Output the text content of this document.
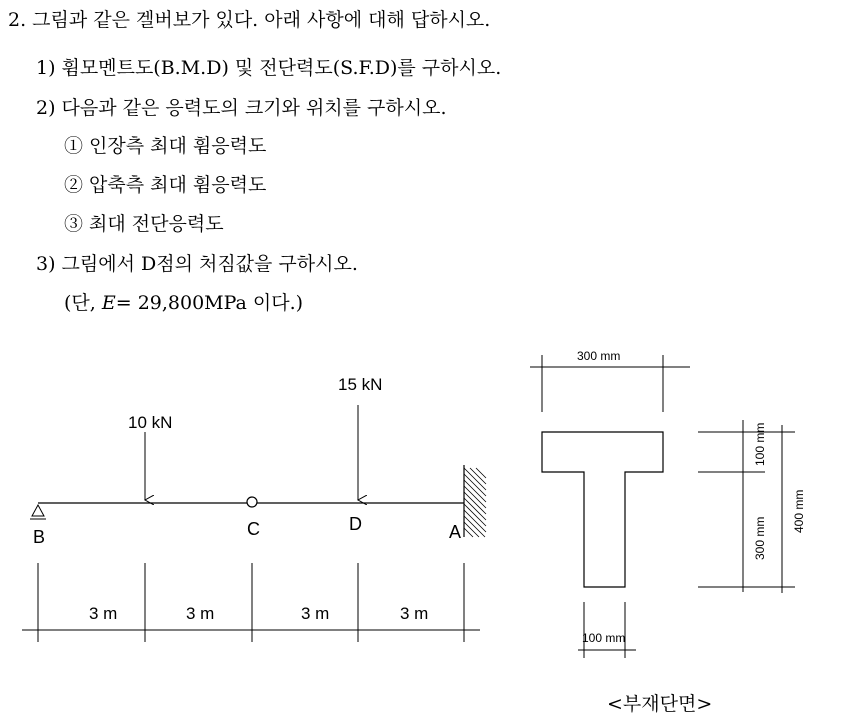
2. 그림과 같은 겔버보가 있다. 아래 사항에 대해 답하시오.
1) 휨모멘트도(B.M.D) 및 전단력도(S.F.D)를 구하시오.
2) 다음과 같은 응력도의 크기와 위치를 구하시오.
① 인장측 최대 휨응력도
② 압축측 최대 휨응력도
③ 최대 전단응력도
3) 그림에서 D점의 처짐값을 구하시오.
(단, E= 29,800MPa 이다.)
10 kN
15 kN
B	C	D	A
3 m	3 m	3 m	3 m
300 mm
100 mm
300 mm
400 mm
100 mm
<부재단면>
